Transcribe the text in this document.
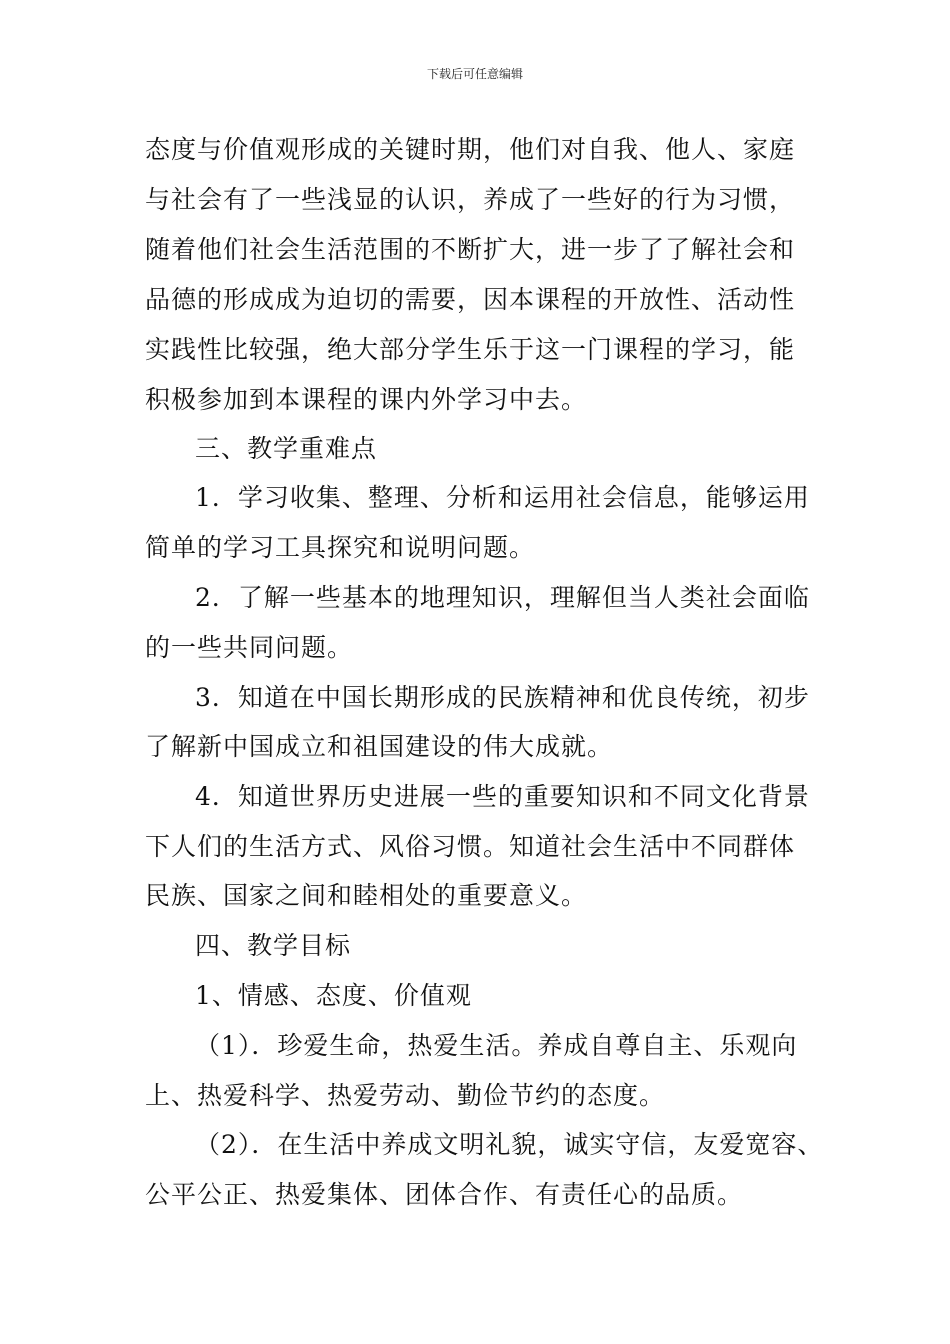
下载后可任意编辑
态度与价值观形成的关键时期，他们对自我、他人、家庭
与社会有了一些浅显的认识，养成了一些好的行为习惯，
随着他们社会生活范围的不断扩大，进一步了了解社会和
品德的形成成为迫切的需要，因本课程的开放性、活动性
实践性比较强，绝大部分学生乐于这一门课程的学习，能
积极参加到本课程的课内外学习中去。
三、教学重难点
1．学习收集、整理、分析和运用社会信息，能够运用
简单的学习工具探究和说明问题。
2．了解一些基本的地理知识，理解但当人类社会面临
的一些共同问题。
3．知道在中国长期形成的民族精神和优良传统，初步
了解新中国成立和祖国建设的伟大成就。
4．知道世界历史进展一些的重要知识和不同文化背景
下人们的生活方式、风俗习惯。知道社会生活中不同群体
民族、国家之间和睦相处的重要意义。
四、教学目标
1、情感、态度、价值观
（1）．珍爱生命，热爱生活。养成自尊自主、乐观向
上、热爱科学、热爱劳动、勤俭节约的态度。
（2）．在生活中养成文明礼貌，诚实守信，友爱宽容、
公平公正、热爱集体、团体合作、有责任心的品质。
